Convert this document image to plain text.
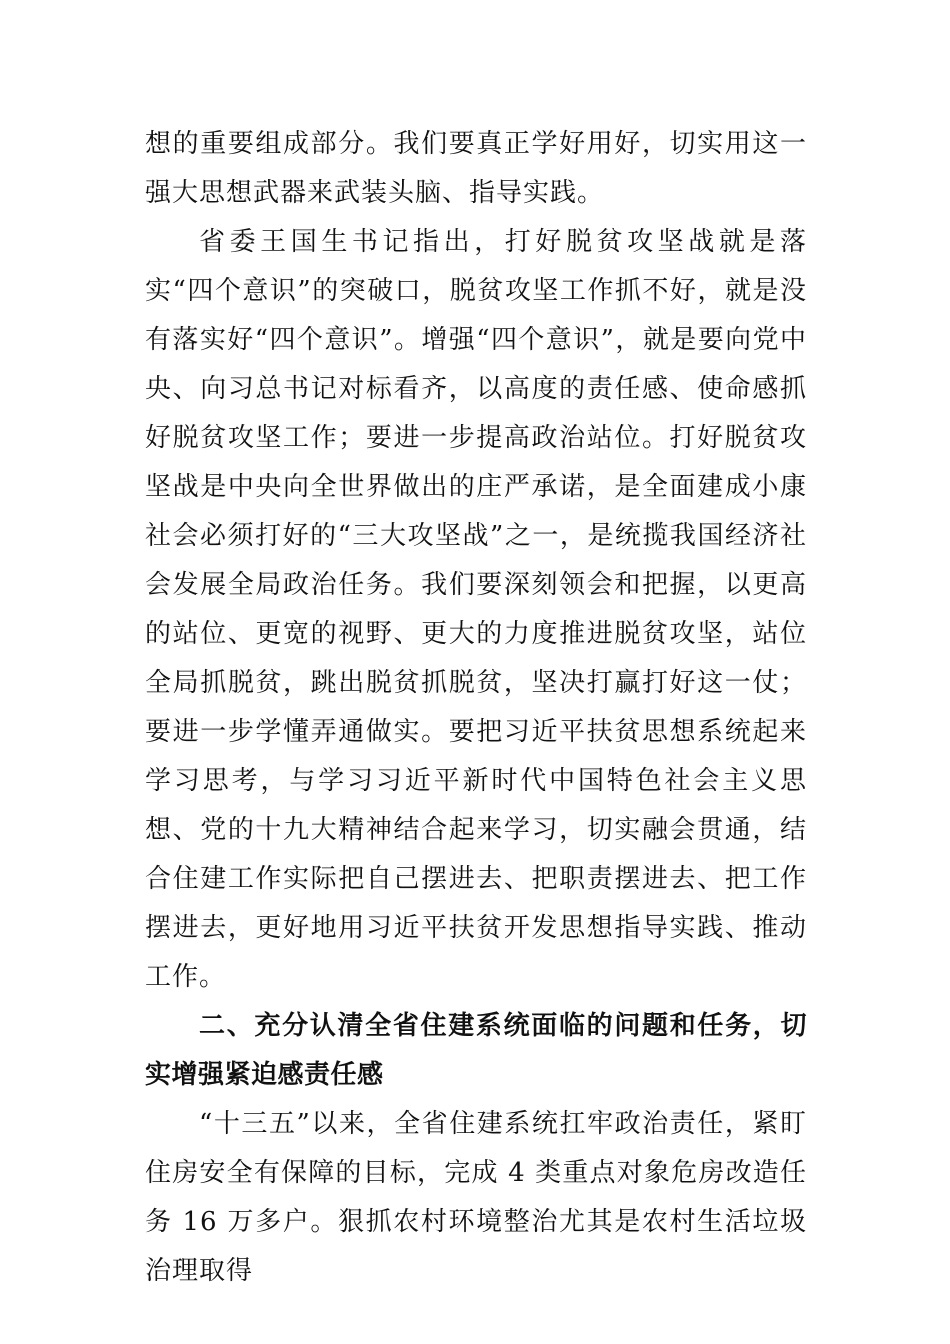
想的重要组成部分。我们要真正学好用好，切实用这一强大思想武器来武装头脑、指导实践。

省委王国生书记指出，打好脱贫攻坚战就是落实“四个意识”的突破口，脱贫攻坚工作抓不好，就是没有落实好“四个意识”。增强“四个意识”，就是要向党中央、向习总书记对标看齐，以高度的责任感、使命感抓好脱贫攻坚工作；要进一步提高政治站位。打好脱贫攻坚战是中央向全世界做出的庄严承诺，是全面建成小康社会必须打好的“三大攻坚战”之一，是统揽我国经济社会发展全局政治任务。我们要深刻领会和把握，以更高的站位、更宽的视野、更大的力度推进脱贫攻坚，站位全局抓脱贫，跳出脱贫抓脱贫，坚决打赢打好这一仗；要进一步学懂弄通做实。要把习近平扶贫思想系统起来学习思考，与学习习近平新时代中国特色社会主义思想、党的十九大精神结合起来学习，切实融会贯通，结合住建工作实际把自己摆进去、把职责摆进去、把工作摆进去，更好地用习近平扶贫开发思想指导实践、推动工作。

二、充分认清全省住建系统面临的问题和任务，切实增强紧迫感责任感

“十三五”以来，全省住建系统扛牢政治责任，紧盯住房安全有保障的目标，完成 4 类重点对象危房改造任务 16 万多户。狠抓农村环境整治尤其是农村生活垃圾治理取得
